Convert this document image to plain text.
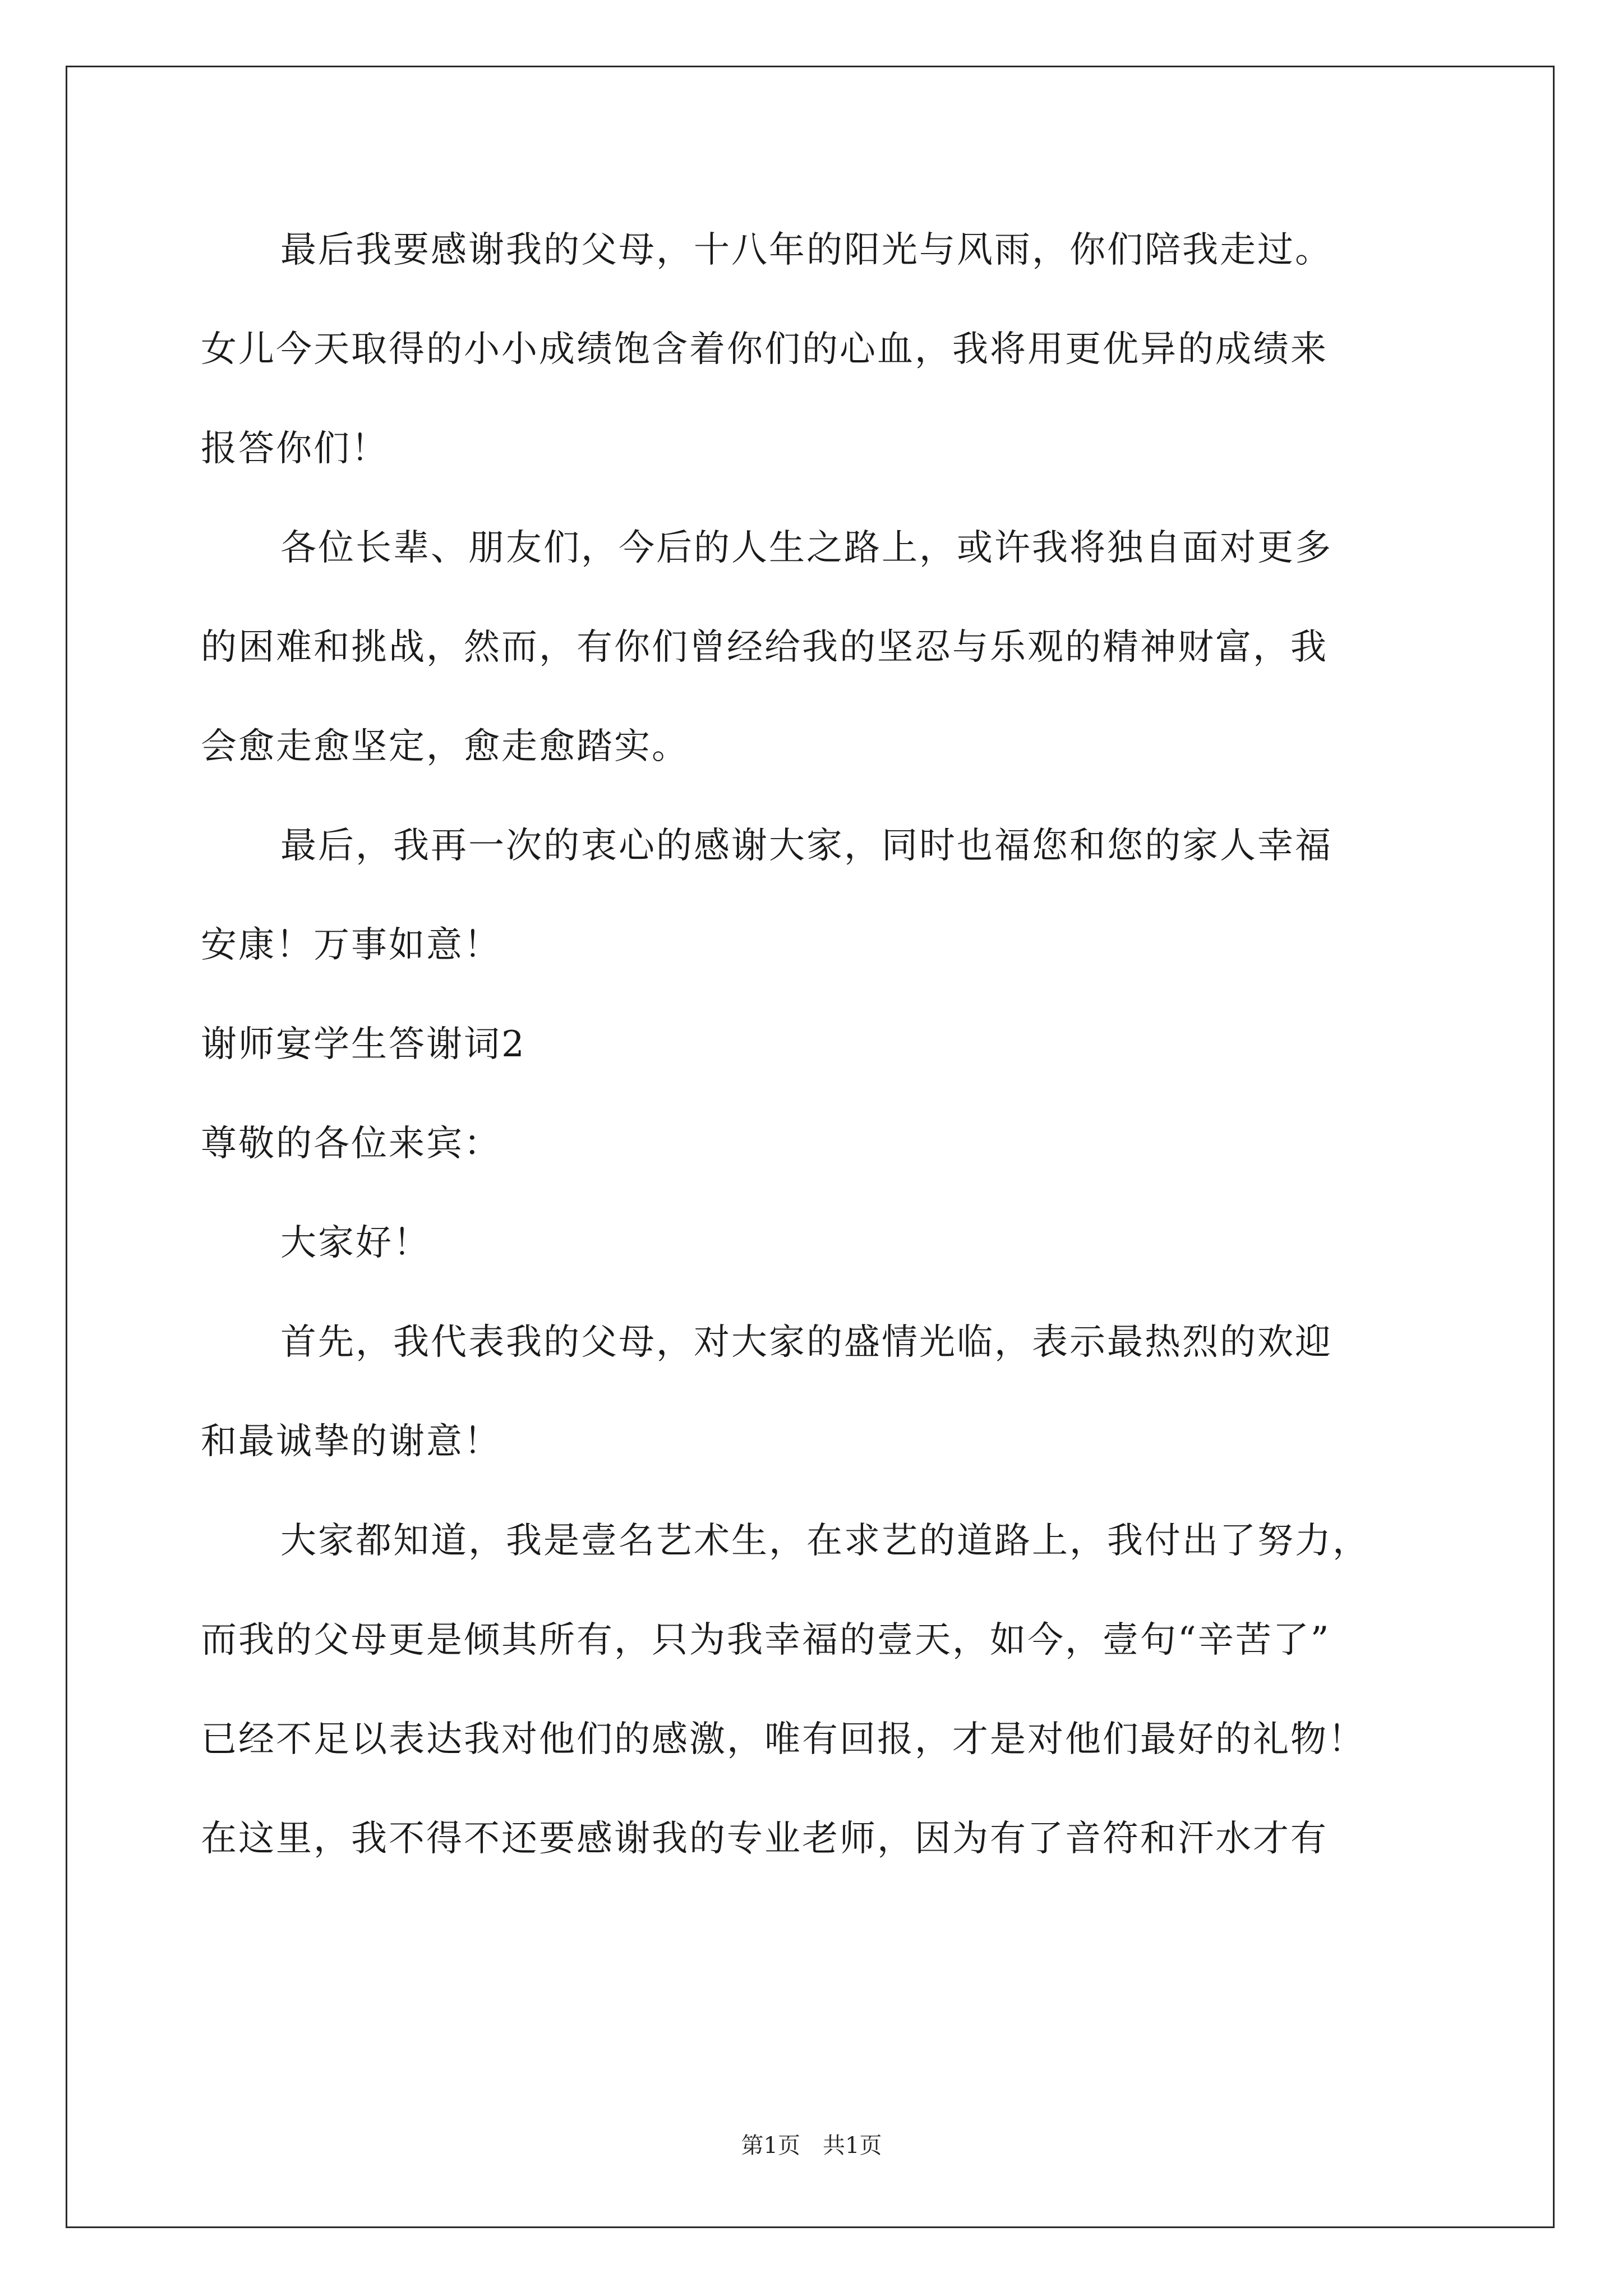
最后我要感谢我的父母，十八年的阳光与风雨，你们陪我走过。
女儿今天取得的小小成绩饱含着你们的心血，我将用更优异的成绩来
报答你们！
各位长辈、朋友们，今后的人生之路上，或许我将独自面对更多
的困难和挑战，然而，有你们曾经给我的坚忍与乐观的精神财富，我
会愈走愈坚定，愈走愈踏实。
最后，我再一次的衷心的感谢大家，同时也福您和您的家人幸福
安康！万事如意！
谢师宴学生答谢词2
尊敬的各位来宾：
大家好！
首先，我代表我的父母，对大家的盛情光临，表示最热烈的欢迎
和最诚挚的谢意！
大家都知道，我是壹名艺术生，在求艺的道路上，我付出了努力，
而我的父母更是倾其所有，只为我幸福的壹天，如今，壹句“辛苦了”
已经不足以表达我对他们的感激，唯有回报，才是对他们最好的礼物！
在这里，我不得不还要感谢我的专业老师，因为有了音符和汗水才有
第1页　共1页
